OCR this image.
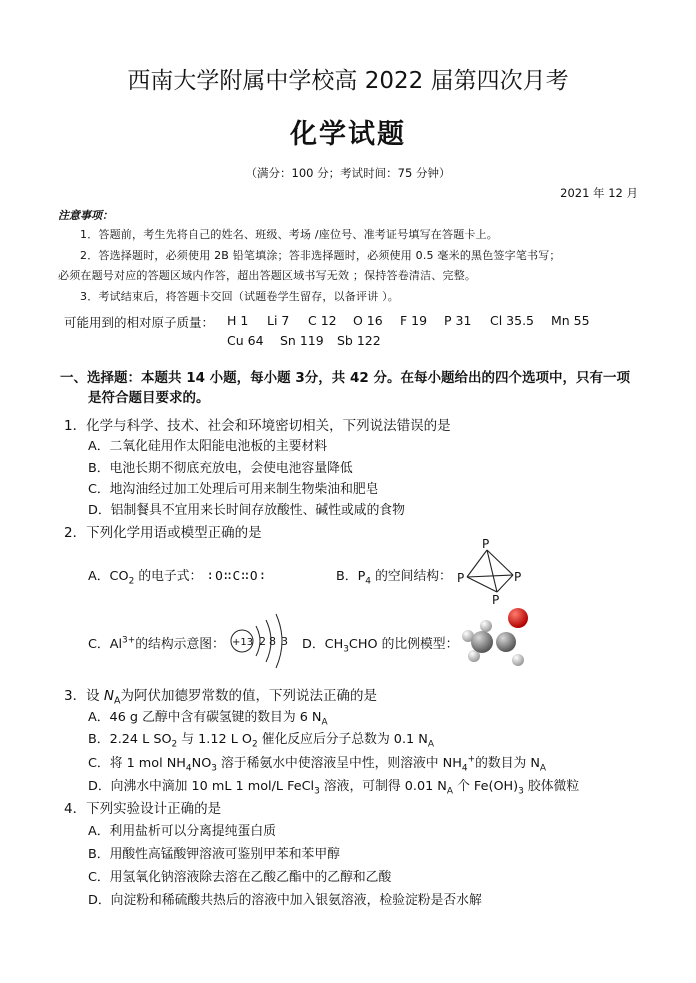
西南大学附属中学校高 2022 届第四次月考
化学试题
（满分：100 分；考试时间：75 分钟）
2021 年 12 月
注意事项：
1．答题前，考生先将自己的姓名、班级、考场 /座位号、准考证号填写在答题卡上。
2．答选择题时，必须使用 2B 铅笔填涂；答非选择题时，必须使用 0.5 毫米的黑色签字笔书写；
必须在题号对应的答题区域内作答，超出答题区域书写无效 ；保持答卷清洁、完整。
3．考试结束后，将答题卡交回（试题卷学生留存，以备评讲 ）。
可能用到的相对原子质量： H 1 Li 7 C 12 O 16 F 19 P 31 Cl 35.5 Mn 55
Cu 64 Sn 119 Sb 122
一、选择题：本题共 14 小题，每小题 3分，共 42 分。在每小题给出的四个选项中，只有一项
是符合题目要求的。
1．化学与科学、技术、社会和环境密切相关，下列说法错误的是
A．二氧化硅用作太阳能电池板的主要材料
B．电池长期不彻底充放电，会使电池容量降低
C．地沟油经过加工处理后可用来制生物柴油和肥皂
D．铝制餐具不宜用来长时间存放酸性、碱性或咸的食物
2．下列化学用语或模型正确的是
A．$CO_2$ 的电子式： ∶O∷C∷O∶	B．$P_4$ 的空间结构：
P
P	P
P
C．$Al^{3+}$的结构示意图： +13 2 8 3 D．$CH_3CHO$ 的比例模型：
3．设 $N_A$为阿伏加德罗常数的值，下列说法正确的是
A．46 g 乙醇中含有碳氢键的数目为 6 $N_A$
B．2.24 L $SO_2$ 与 1.12 L $O_2$ 催化反应后分子总数为 0.1 $N_A$
C．将 1 mol $NH_4NO_3$ 溶于稀氨水中使溶液呈中性，则溶液中 $NH_4^+$的数目为 $N_A$
D．向沸水中滴加 10 mL 1 mol/L FeCl$_3$ 溶液，可制得 0.01 $N_A$ 个 $Fe(OH)_3$ 胶体微粒
4．下列实验设计正确的是
A．利用盐析可以分离提纯蛋白质
B．用酸性高锰酸钾溶液可鉴别甲苯和苯甲醇
C．用氢氧化钠溶液除去溶在乙酸乙酯中的乙醇和乙酸
D．向淀粉和稀硫酸共热后的溶液中加入银氨溶液，检验淀粉是否水解
